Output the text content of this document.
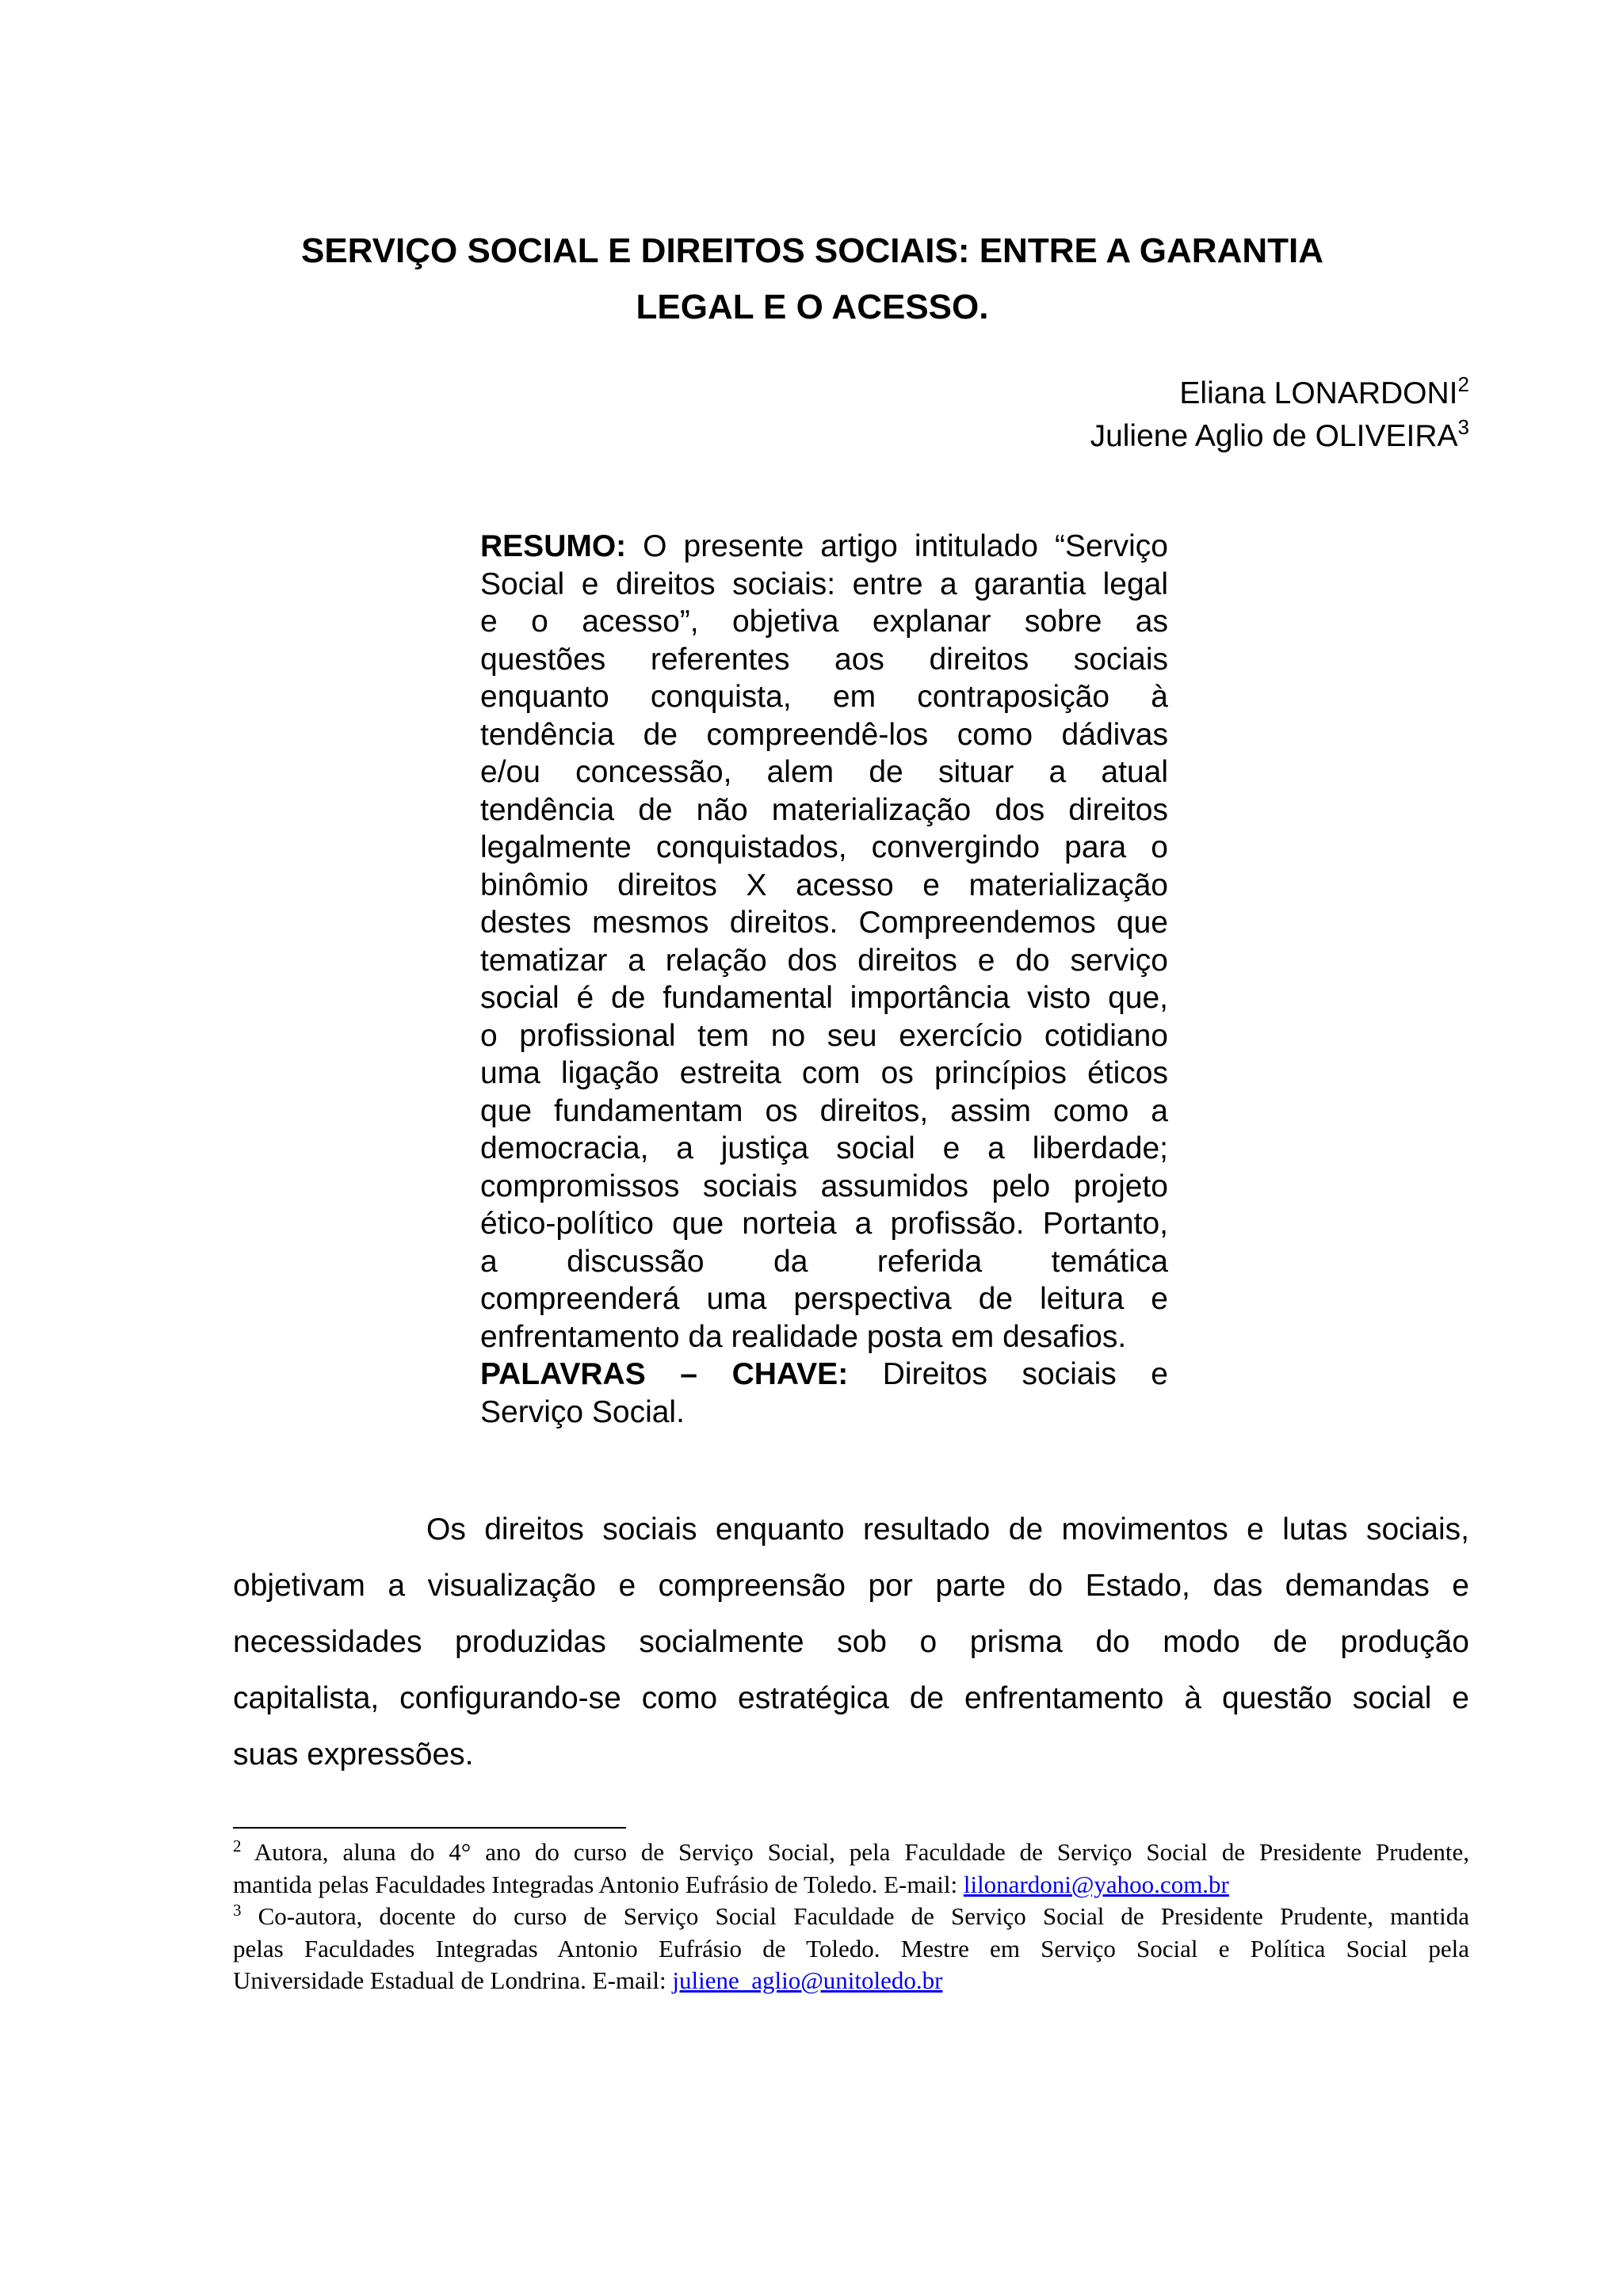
SERVIÇO SOCIAL E DIREITOS SOCIAIS: ENTRE A GARANTIA
LEGAL E O ACESSO.
Eliana LONARDONI$^2$
Juliene Aglio de OLIVEIRA$^3$
RESUMO: O presente artigo intitulado “Serviço
Social e direitos sociais: entre a garantia legal
e o acesso”, objetiva explanar sobre as
questões referentes aos direitos sociais
enquanto conquista, em contraposição à
tendência de compreendê-los como dádivas
e/ou concessão, alem de situar a atual
tendência de não materialização dos direitos
legalmente conquistados, convergindo para o
binômio direitos X acesso e materialização
destes mesmos direitos. Compreendemos que
tematizar a relação dos direitos e do serviço
social é de fundamental importância visto que,
o profissional tem no seu exercício cotidiano
uma ligação estreita com os princípios éticos
que fundamentam os direitos, assim como a
democracia, a justiça social e a liberdade;
compromissos sociais assumidos pelo projeto
ético-político que norteia a profissão. Portanto,
a discussão da referida temática
compreenderá uma perspectiva de leitura e
enfrentamento da realidade posta em desafios.
PALAVRAS – CHAVE: Direitos sociais e
Serviço Social.
Os direitos sociais enquanto resultado de movimentos e lutas sociais,
objetivam a visualização e compreensão por parte do Estado, das demandas e
necessidades produzidas socialmente sob o prisma do modo de produção
capitalista, configurando-se como estratégica de enfrentamento à questão social e
suas expressões.
$^2$ Autora, aluna do 4° ano do curso de Serviço Social, pela Faculdade de Serviço Social de Presidente Prudente,
mantida pelas Faculdades Integradas Antonio Eufrásio de Toledo. E-mail: lilonardoni@yahoo.com.br
$^3$ Co-autora, docente do curso de Serviço Social Faculdade de Serviço Social de Presidente Prudente, mantida
pelas Faculdades Integradas Antonio Eufrásio de Toledo. Mestre em Serviço Social e Política Social pela
Universidade Estadual de Londrina. E-mail: juliene_aglio@unitoledo.br
